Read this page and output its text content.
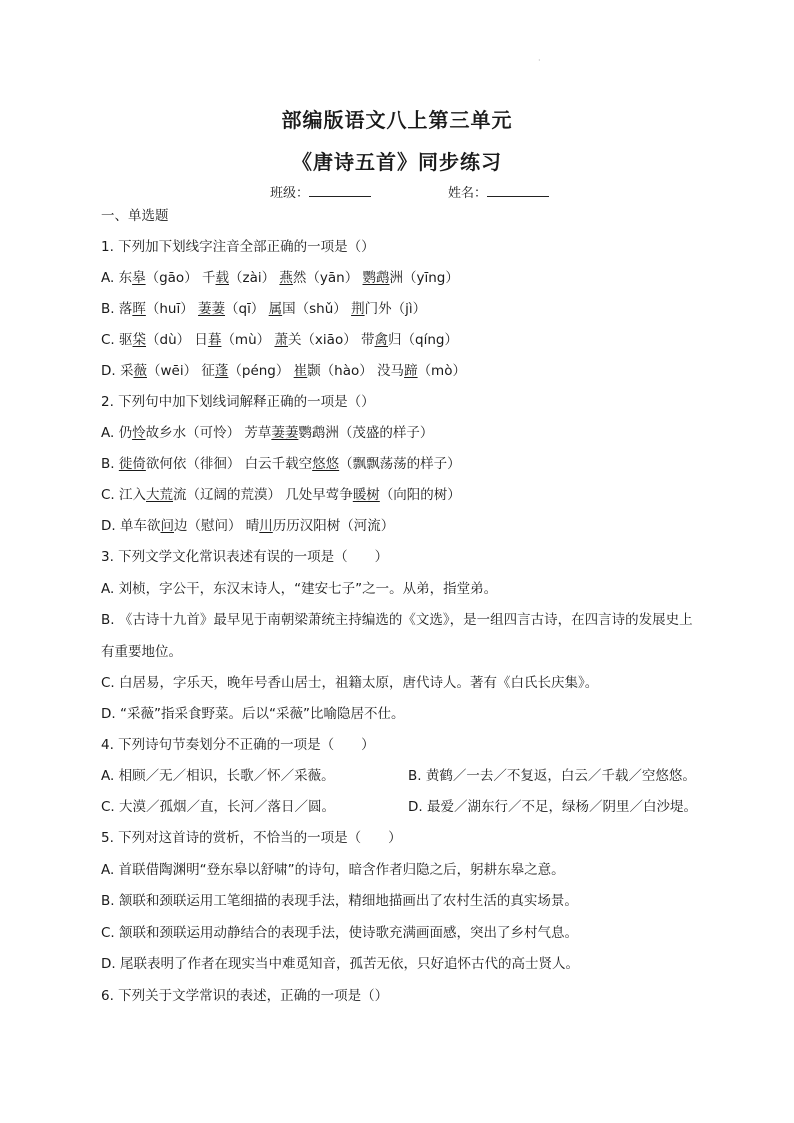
·
部编版语文八上第三单元
《唐诗五首》同步练习
班级：	姓名：
一、单选题
1. 下列加下划线字注音全部正确的一项是（）
A. 东皋（gāo） 千载（zài） 燕然（yān） 鹦鹉洲（yīng）
B. 落晖（huī） 萋萋（qī） 属国（shǔ） 荆门外（jì）
C. 驱柋（dù） 日暮（mù） 萧关（xiāo） 带禽归（qíng）
D. 采薇（wēi） 征蓬（péng） 崔颢（hào） 没马蹄（mò）
2. 下列句中加下划线词解释正确的一项是（）
A. 仍怜故乡水（可怜） 芳草萋萋鹦鹉洲（茂盛的样子）
B. 徙倚欲何依（徘徊） 白云千载空悠悠（飘飘荡荡的样子）
C. 江入大荒流（辽阔的荒漠） 几处早莺争暖树（向阳的树）
D. 单车欲问边（慰问） 晴川历历汉阳树（河流）
3. 下列文学文化常识表述有误的一项是（　　）
A. 刘桢，字公干，东汉末诗人，“建安七子”之一。从弟，指堂弟。
B. 《古诗十九首》最早见于南朝梁萧统主持编选的《文选》，是一组四言古诗，在四言诗的发展史上
有重要地位。
C. 白居易，字乐天，晚年号香山居士，祖籍太原，唐代诗人。著有《白氏长庆集》。
D. “采薇”指采食野菜。后以“采薇”比喻隐居不仕。
4. 下列诗句节奏划分不正确的一项是（　　）
A. 相顾／无／相识，长歌／怀／采薇。	B. 黄鹤／一去／不复返，白云／千载／空悠悠。
C. 大漠／孤烟／直，长河／落日／圆。	D. 最爱／湖东行／不足，绿杨／阴里／白沙堤。
5. 下列对这首诗的赏析，不恰当的一项是（　　）
A. 首联借陶渊明“登东皋以舒啸”的诗句，暗含作者归隐之后，躬耕东皋之意。
B. 颔联和颈联运用工笔细描的表现手法，精细地描画出了农村生活的真实场景。
C. 颔联和颈联运用动静结合的表现手法，使诗歌充满画面感，突出了乡村气息。
D. 尾联表明了作者在现实当中难觅知音，孤苦无依，只好追怀古代的高士贤人。
6. 下列关于文学常识的表述，正确的一项是（）
